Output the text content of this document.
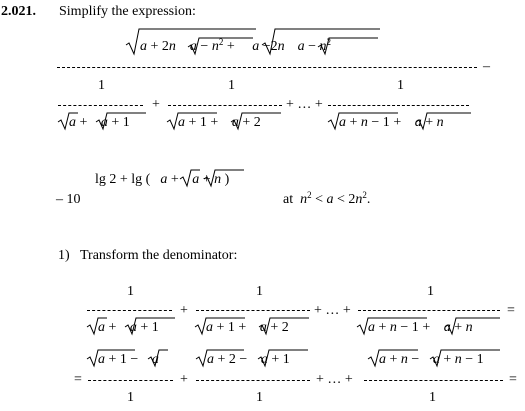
2.021. Simplify the expression:
a + 2n $a - n^2 + a -2n$ $a - n^2$
–
1
a + a + 1
+
1
a + 1 + a + 2
+ … +
1
a + n − 1 + a + n
lg 2 + lg ( a + a + n )
– 10	at $n^2 < a < 2n^2$.
1) Transform the denominator:
1
a + a + 1
+
1
a + 1 + a + 2
+ … +
1
a + n − 1 + a + n
=
=
a + 1 − a
1
+
a + 2 − a + 1
1
+ … +
a + n − a + n − 1
1
=
